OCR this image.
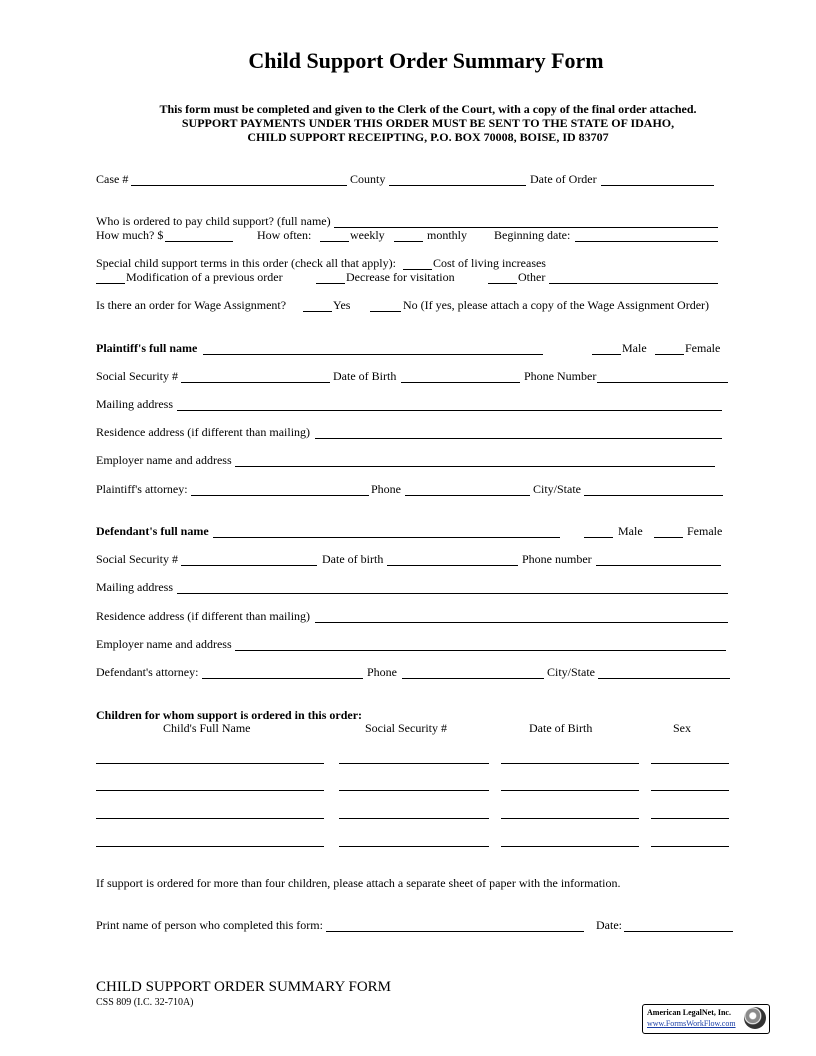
Child Support Order Summary Form
This form must be completed and given to the Clerk of the Court, with a copy of the final order attached.
SUPPORT PAYMENTS UNDER THIS ORDER MUST BE SENT TO THE STATE OF IDAHO,
CHILD SUPPORT RECEIPTING, P.O. BOX 70008, BOISE, ID 83707
Case #	County	Date of Order
Who is ordered to pay child support? (full name)
How much? $	How often:	weekly	monthly Beginning date:
Special child support terms in this order (check all that apply):	Cost of living increases
Modification of a previous order	Decrease for visitation	Other
Is there an order for Wage Assignment?	Yes	No (If yes, please attach a copy of the Wage Assignment Order)
Plaintiff's full name	Male	Female
Social Security #	Date of Birth	Phone Number
Mailing address
Residence address (if different than mailing)
Employer name and address
Plaintiff's attorney:	Phone	City/State
Defendant's full name	Male	Female
Social Security #	Date of birth	Phone number
Mailing address
Residence address (if different than mailing)
Employer name and address
Defendant's attorney:	Phone	City/State
Children for whom support is ordered in this order:
Child's Full Name	Social Security #	Date of Birth	Sex
If support is ordered for more than four children, please attach a separate sheet of paper with the information.
Print name of person who completed this form:	Date:
CHILD SUPPORT ORDER SUMMARY FORM
CSS 809 (I.C. 32-710A)
American LegalNet, Inc.
www.FormsWorkFlow.com
